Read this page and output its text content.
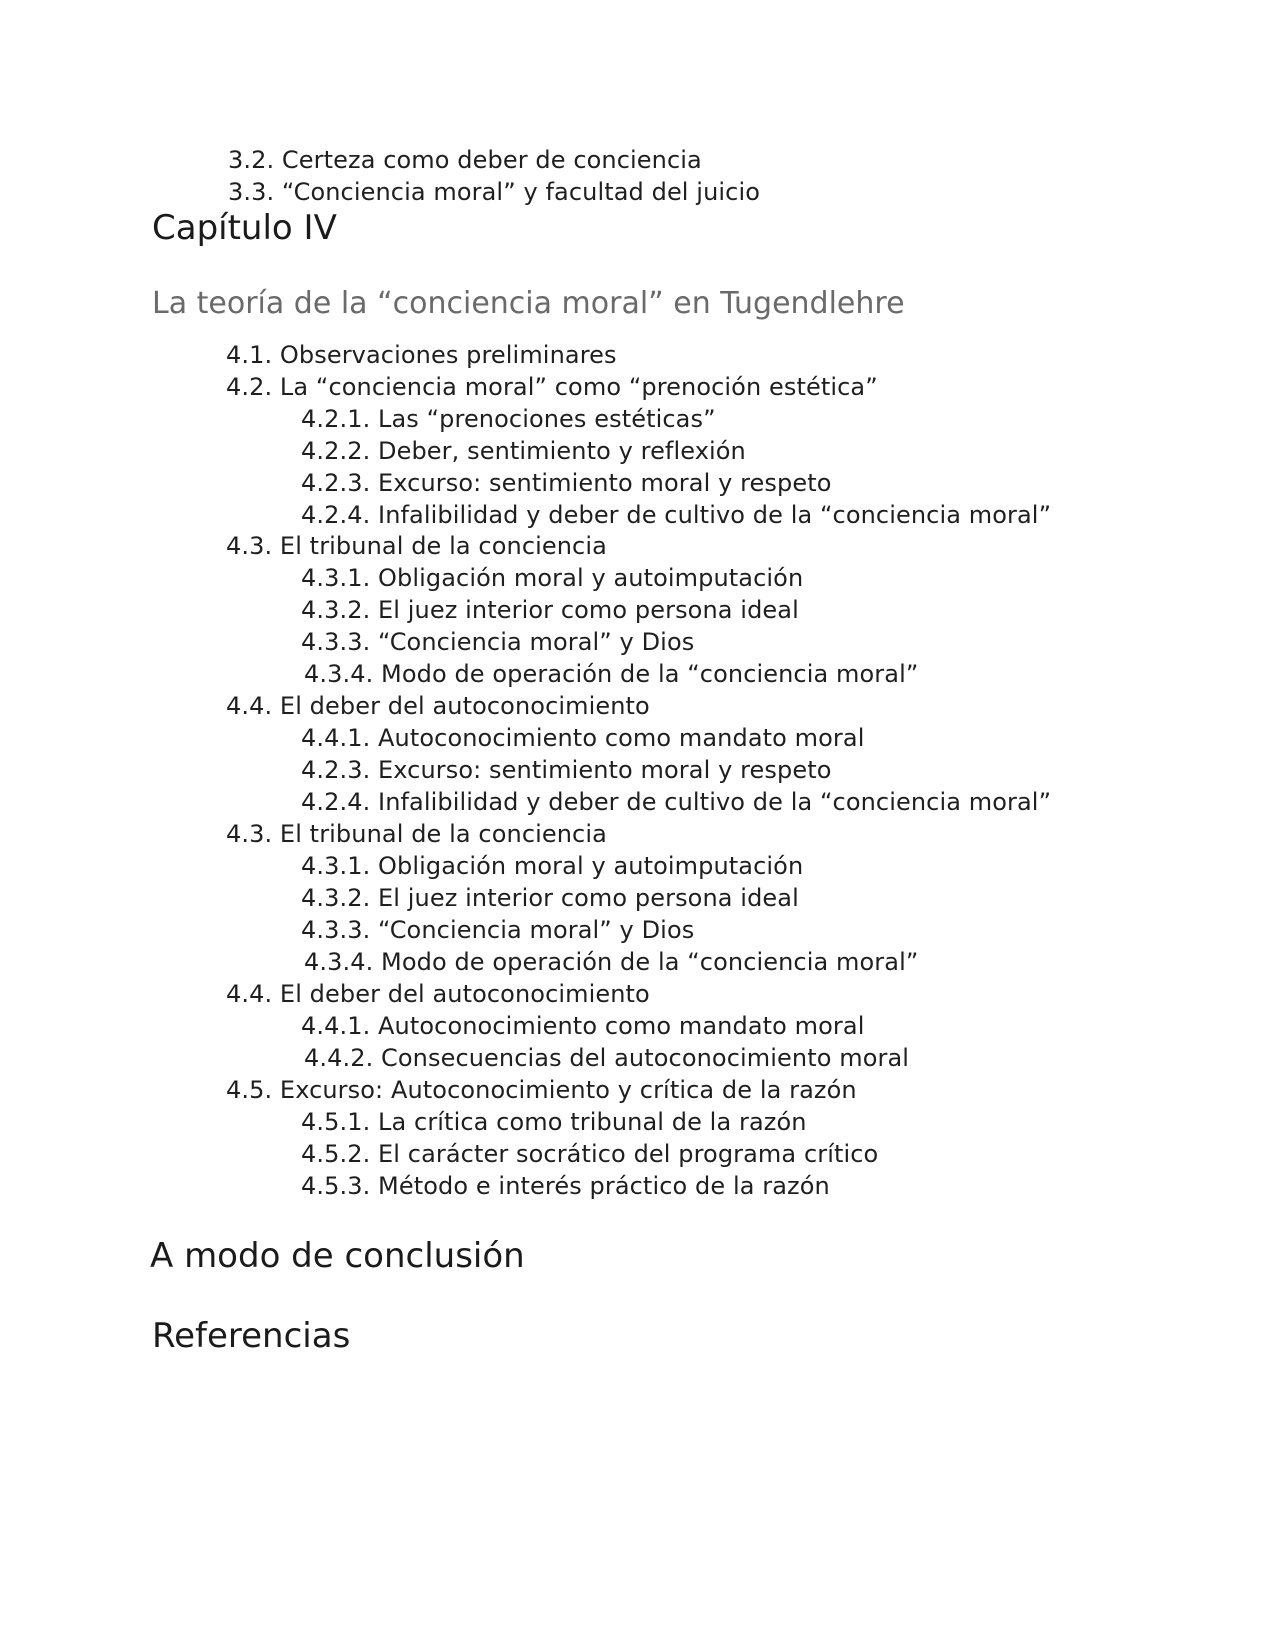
3.2. Certeza como deber de conciencia
3.3. “Conciencia moral” y facultad del juicio
Capítulo IV
La teoría de la “conciencia moral” en Tugendlehre
4.1. Observaciones preliminares
4.2. La “conciencia moral” como “prenoción estética”
4.2.1. Las “prenociones estéticas”
4.2.2. Deber, sentimiento y reflexión
4.2.3. Excurso: sentimiento moral y respeto
4.2.4. Infalibilidad y deber de cultivo de la “conciencia moral”
4.3. El tribunal de la conciencia
4.3.1. Obligación moral y autoimputación
4.3.2. El juez interior como persona ideal
4.3.3. “Conciencia moral” y Dios
4.3.4. Modo de operación de la “conciencia moral”
4.4. El deber del autoconocimiento
4.4.1. Autoconocimiento como mandato moral
4.2.3. Excurso: sentimiento moral y respeto
4.2.4. Infalibilidad y deber de cultivo de la “conciencia moral”
4.3. El tribunal de la conciencia
4.3.1. Obligación moral y autoimputación
4.3.2. El juez interior como persona ideal
4.3.3. “Conciencia moral” y Dios
4.3.4. Modo de operación de la “conciencia moral”
4.4. El deber del autoconocimiento
4.4.1. Autoconocimiento como mandato moral
4.4.2. Consecuencias del autoconocimiento moral
4.5. Excurso: Autoconocimiento y crítica de la razón
4.5.1. La crítica como tribunal de la razón
4.5.2. El carácter socrático del programa crítico
4.5.3. Método e interés práctico de la razón
A modo de conclusión
Referencias
